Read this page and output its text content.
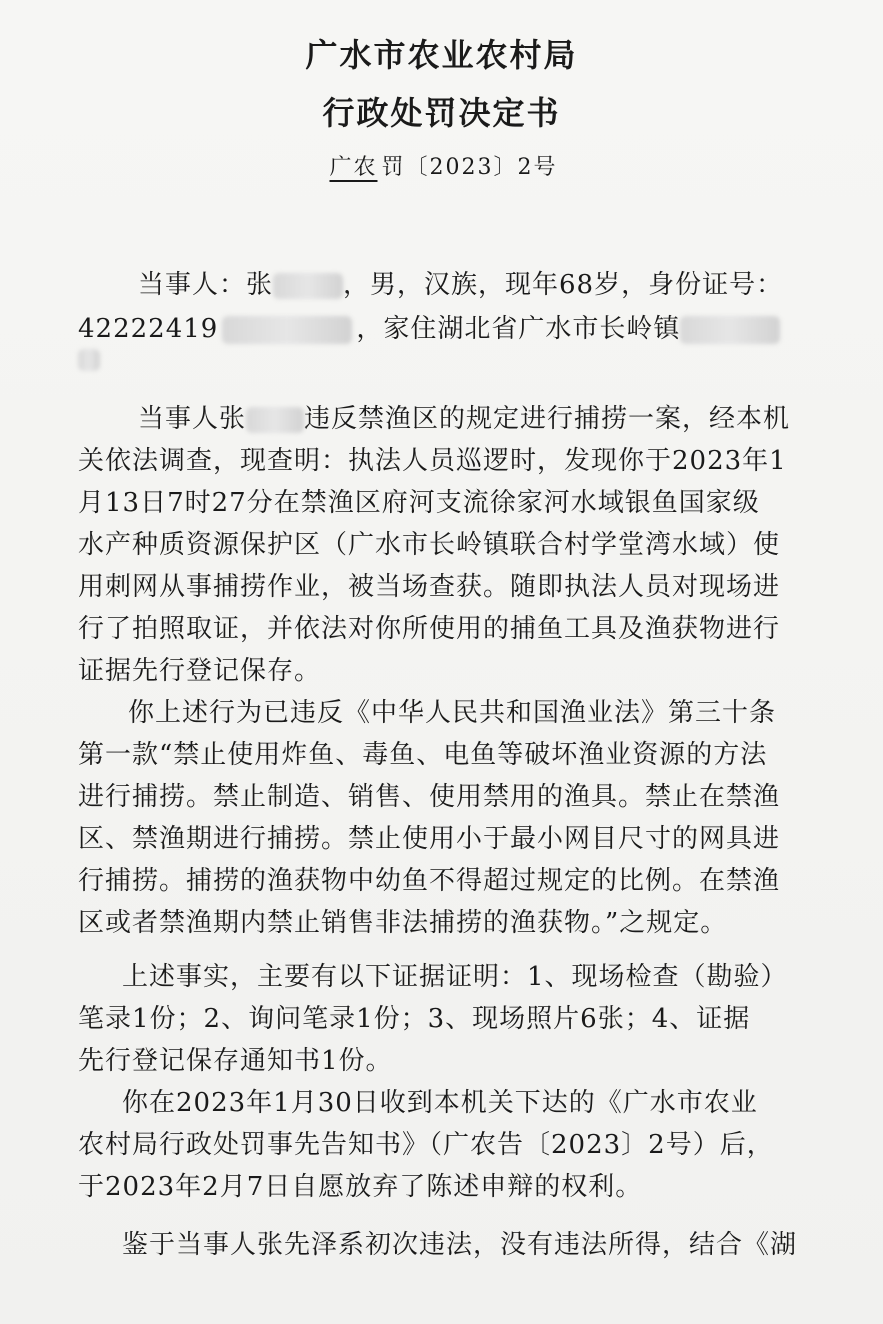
广水市农业农村局
行政处罚决定书
广农 罚〔2023〕2号
当事人：张	，男，汉族，现年68岁，身份证号：
42222419	，家住湖北省广水市长岭镇
当事人张 违反禁渔区的规定进行捕捞一案，经本机
关依法调查，现查明：执法人员巡逻时，发现你于2023年1
月13日7时27分在禁渔区府河支流徐家河水域银鱼国家级
水产种质资源保护区（广水市长岭镇联合村学堂湾水域）使
用刺网从事捕捞作业，被当场查获。随即执法人员对现场进
行了拍照取证，并依法对你所使用的捕鱼工具及渔获物进行
证据先行登记保存。
你上述行为已违反《中华人民共和国渔业法》第三十条
第一款“禁止使用炸鱼、毒鱼、电鱼等破坏渔业资源的方法
进行捕捞。禁止制造、销售、使用禁用的渔具。禁止在禁渔
区、禁渔期进行捕捞。禁止使用小于最小网目尺寸的网具进
行捕捞。捕捞的渔获物中幼鱼不得超过规定的比例。在禁渔
区或者禁渔期内禁止销售非法捕捞的渔获物。”之规定。
上述事实，主要有以下证据证明：1、现场检查（勘验）
笔录1份；2、询问笔录1份；3、现场照片6张；4、证据
先行登记保存通知书1份。
你在2023年1月30日收到本机关下达的《广水市农业
农村局行政处罚事先告知书》（广农告〔2023〕2号）后，
于2023年2月7日自愿放弃了陈述申辩的权利。
鉴于当事人张先泽系初次违法，没有违法所得，结合《湖
